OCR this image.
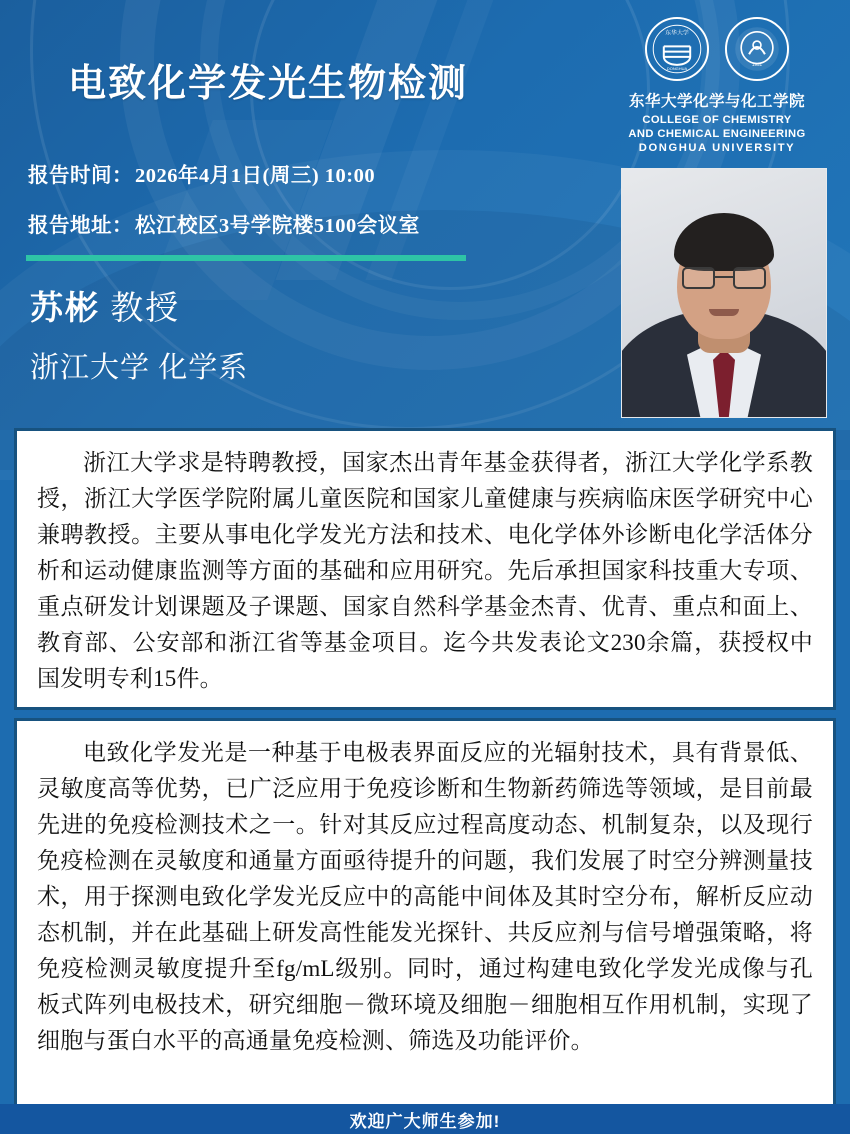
东华大学
DONGHUA
1951
东华大学化学与化工学院
COLLEGE OF CHEMISTRY
AND CHEMICAL ENGINEERING
DONGHUA UNIVERSITY
电致化学发光生物检测
报告时间：2026年4月1日(周三) 10:00
报告地址：松江校区3号学院楼5100会议室
苏彬 教授
浙江大学 化学系

浙江大学求是特聘教授，国家杰出青年基金获得者，浙江大学化学系教授，浙江大学医学院附属儿童医院和国家儿童健康与疾病临床医学研究中心兼聘教授。主要从事电化学发光方法和技术、电化学体外诊断电化学活体分析和运动健康监测等方面的基础和应用研究。先后承担国家科技重大专项、重点研发计划课题及子课题、国家自然科学基金杰青、优青、重点和面上、教育部、公安部和浙江省等基金项目。迄今共发表论文230余篇，获授权中国发明专利15件。

电致化学发光是一种基于电极表界面反应的光辐射技术，具有背景低、灵敏度高等优势，已广泛应用于免疫诊断和生物新药筛选等领域，是目前最先进的免疫检测技术之一。针对其反应过程高度动态、机制复杂，以及现行免疫检测在灵敏度和通量方面亟待提升的问题，我们发展了时空分辨测量技术，用于探测电致化学发光反应中的高能中间体及其时空分布，解析反应动态机制，并在此基础上研发高性能发光探针、共反应剂与信号增强策略，将免疫检测灵敏度提升至fg/mL级别。同时，通过构建电致化学发光成像与孔板式阵列电极技术，研究细胞－微环境及细胞－细胞相互作用机制，实现了细胞与蛋白水平的高通量免疫检测、筛选及功能评价。

欢迎广大师生参加!
